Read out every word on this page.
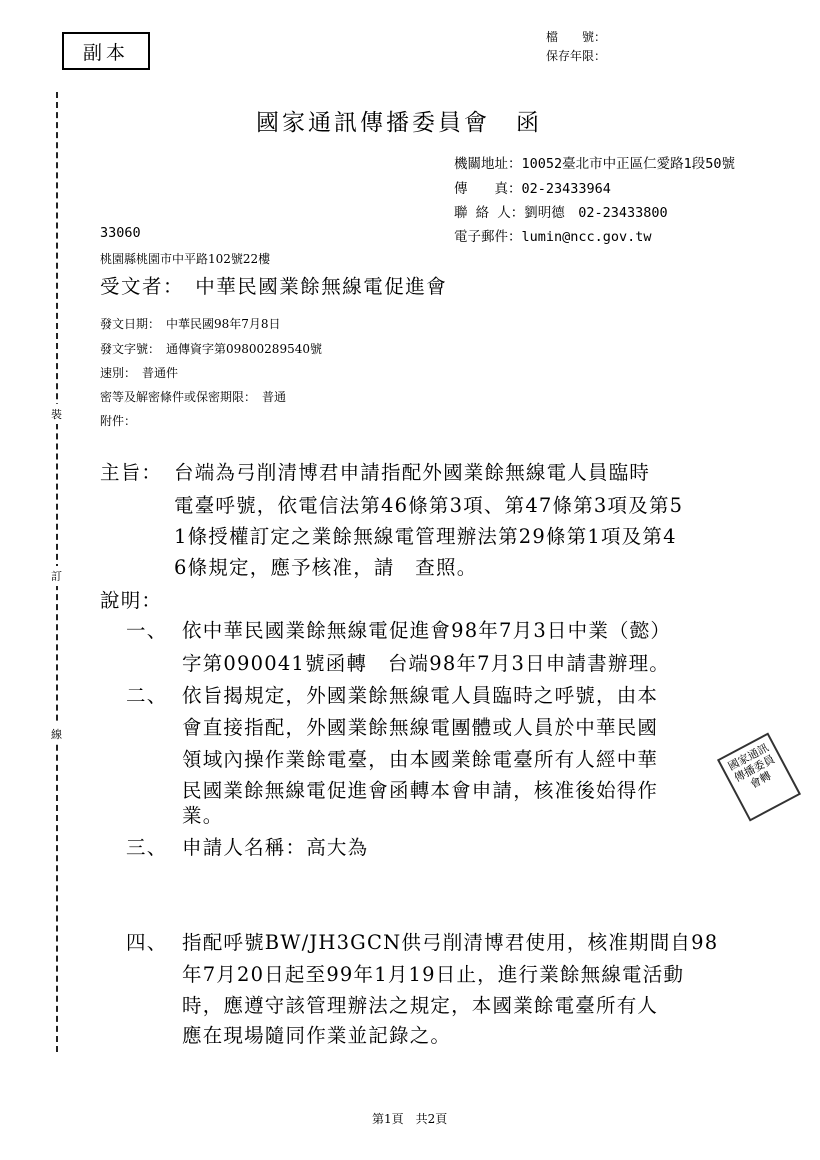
副本
檔　　號：
保存年限：
裝
訂
線
國家通訊傳播委員會　函
機關地址：10052臺北市中正區仁愛路1段50號
傳　　真：02-23433964
聯 絡 人：劉明德　02-23433800
電子郵件：lumin@ncc.gov.tw
33060
桃園縣桃園市中平路102號22樓
受文者：　中華民國業餘無線電促進會
發文日期：　中華民國98年7月8日
發文字號：　通傳資字第09800289540號
速別：　普通件
密等及解密條件或保密期限：　普通
附件：
主旨： 台端為弓削清博君申請指配外國業餘無線電人員臨時
電臺呼號，依電信法第46條第3項、第47條第3項及第5
1條授權訂定之業餘無線電管理辦法第29條第1項及第4
6條規定，應予核准，請　查照。
說明：
一、 依中華民國業餘無線電促進會98年7月3日中業（懿）
字第090041號函轉　台端98年7月3日申請書辦理。
二、 依旨揭規定，外國業餘無線電人員臨時之呼號，由本
會直接指配，外國業餘無線電團體或人員於中華民國
領域內操作業餘電臺，由本國業餘電臺所有人經中華
民國業餘無線電促進會函轉本會申請，核准後始得作
業。
三、 申請人名稱：高大為
四、 指配呼號BW/JH3GCN供弓削清博君使用，核准期間自98
年7月20日起至99年1月19日止，進行業餘無線電活動
時，應遵守該管理辦法之規定，本國業餘電臺所有人
應在現場隨同作業並記錄之。
國家通訊傳播委員會轉
第1頁　共2頁
